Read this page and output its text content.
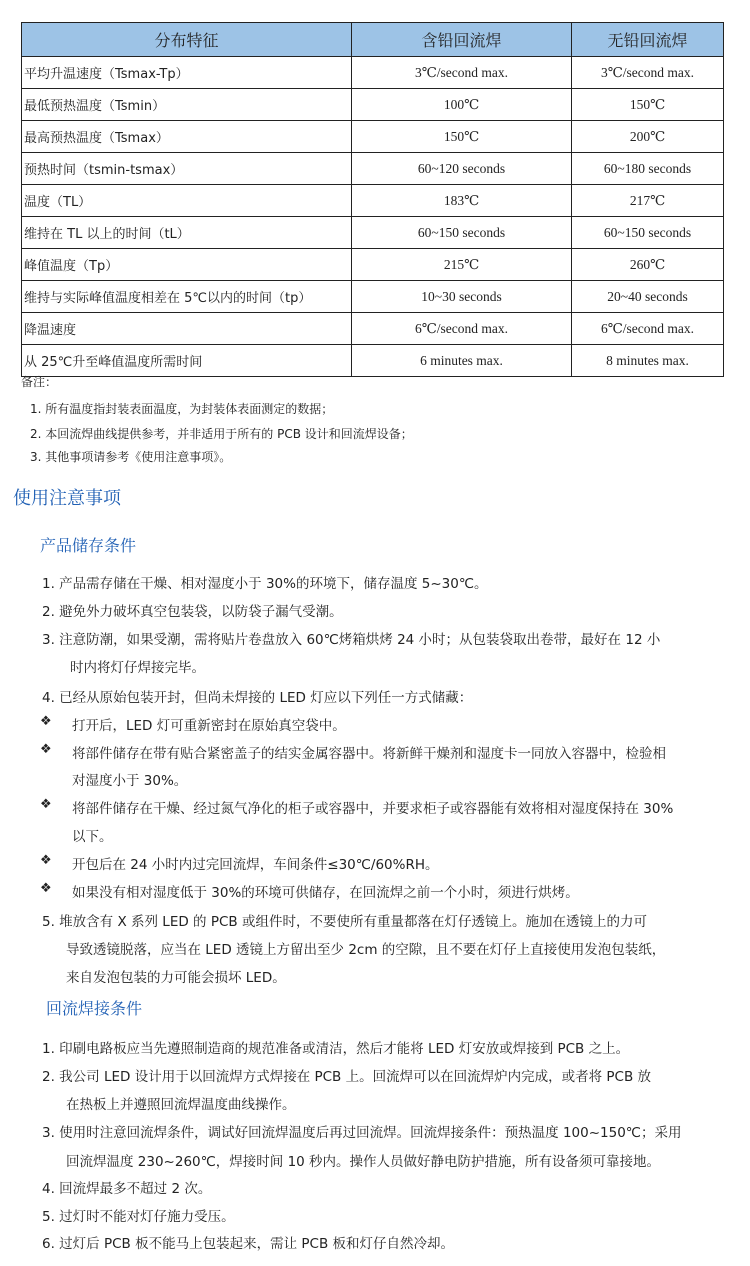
分布特征	含铅回流焊	无铅回流焊
平均升温速度（Tsmax-Tp）	3℃/second max.	3℃/second max.
最低预热温度（Tsmin）	100℃	150℃
最高预热温度（Tsmax）	150℃	200℃
预热时间（tsmin-tsmax）	60~120 seconds	60~180 seconds
温度（TL）	183℃	217℃
维持在 TL 以上的时间（tL）	60~150 seconds	60~150 seconds
峰值温度（Tp）	215℃	260℃
维持与实际峰值温度相差在 5℃以内的时间（tp）	10~30 seconds	20~40 seconds
降温速度	6℃/second max.	6℃/second max.
从 25℃升至峰值温度所需时间	6 minutes max.	8 minutes max.
备注：
1. 所有温度指封装表面温度，为封装体表面测定的数据；
2. 本回流焊曲线提供参考，并非适用于所有的 PCB 设计和回流焊设备；
3. 其他事项请参考《使用注意事项》。
使用注意事项
产品储存条件
1. 产品需存储在干燥、相对湿度小于 30%的环境下，储存温度 5~30℃。
2. 避免外力破坏真空包装袋，以防袋子漏气受潮。
3. 注意防潮，如果受潮，需将贴片卷盘放入 60℃烤箱烘烤 24 小时；从包装袋取出卷带，最好在 12 小
时内将灯仔焊接完毕。
4. 已经从原始包装开封，但尚未焊接的 LED 灯应以下列任一方式储藏：
❖ 打开后，LED 灯可重新密封在原始真空袋中。
❖ 将部件储存在带有贴合紧密盖子的结实金属容器中。将新鲜干燥剂和湿度卡一同放入容器中，检验相
对湿度小于 30%。
❖ 将部件储存在干燥、经过氮气净化的柜子或容器中，并要求柜子或容器能有效将相对湿度保持在 30%
以下。
❖ 开包后在 24 小时内过完回流焊，车间条件≤30℃/60%RH。
❖ 如果没有相对湿度低于 30%的环境可供储存，在回流焊之前一个小时，须进行烘烤。
5. 堆放含有 X 系列 LED 的 PCB 或组件时，不要使所有重量都落在灯仔透镜上。施加在透镜上的力可
导致透镜脱落，应当在 LED 透镜上方留出至少 2cm 的空隙，且不要在灯仔上直接使用发泡包装纸，
来自发泡包装的力可能会损坏 LED。
回流焊接条件
1. 印刷电路板应当先遵照制造商的规范准备或清洁，然后才能将 LED 灯安放或焊接到 PCB 之上。
2. 我公司 LED 设计用于以回流焊方式焊接在 PCB 上。回流焊可以在回流焊炉内完成，或者将 PCB 放
在热板上并遵照回流焊温度曲线操作。
3. 使用时注意回流焊条件，调试好回流焊温度后再过回流焊。回流焊接条件：预热温度 100~150℃；采用
回流焊温度 230~260℃，焊接时间 10 秒内。操作人员做好静电防护措施，所有设备须可靠接地。
4. 回流焊最多不超过 2 次。
5. 过灯时不能对灯仔施力受压。
6. 过灯后 PCB 板不能马上包装起来，需让 PCB 板和灯仔自然冷却。
